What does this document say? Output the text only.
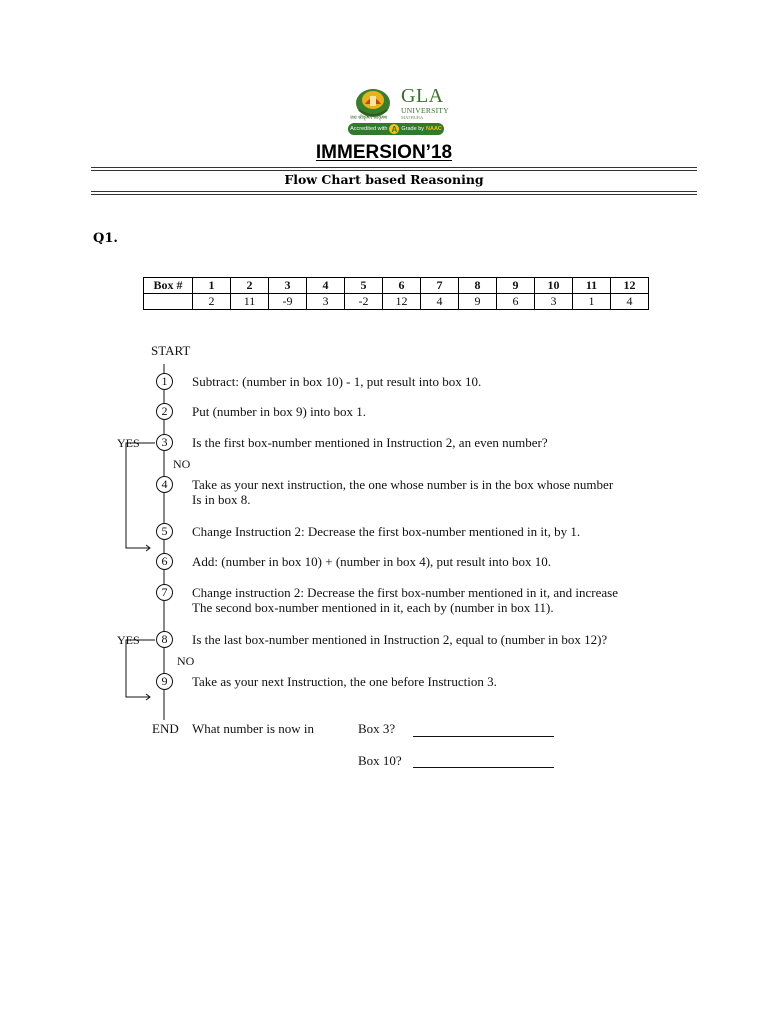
GLA
UNIVERSITY
MATHURA
जय श्रीकृष्ण श्रीकृष्ण
Accredited with A Grade by NAAC
IMMERSION’18
Flow Chart based Reasoning
Q1.
Box #	1	2	3	4	5	6	7	8	9	10	11	12
	2	11	-9	3	-2	12	4	9	6	3	1	4
START
1	Subtract: (number in box 10) - 1, put result into box 10.
2	Put (number in box 9) into box 1.
YES	3	Is the first box-number mentioned in Instruction 2, an even number?
NO
4	Take as your next instruction, the one whose number is in the box whose number
Is in box 8.
5	Change Instruction 2: Decrease the first box-number mentioned in it, by 1.
6	Add: (number in box 10) + (number in box 4), put result into box 10.
7	Change instruction 2: Decrease the first box-number mentioned in it, and increase
The second box-number mentioned in it, each by (number in box 11).
YES	8	Is the last box-number mentioned in Instruction 2, equal to (number in box 12)?
NO
9	Take as your next Instruction, the one before Instruction 3.
END What number is now in	Box 3?
Box 10?
